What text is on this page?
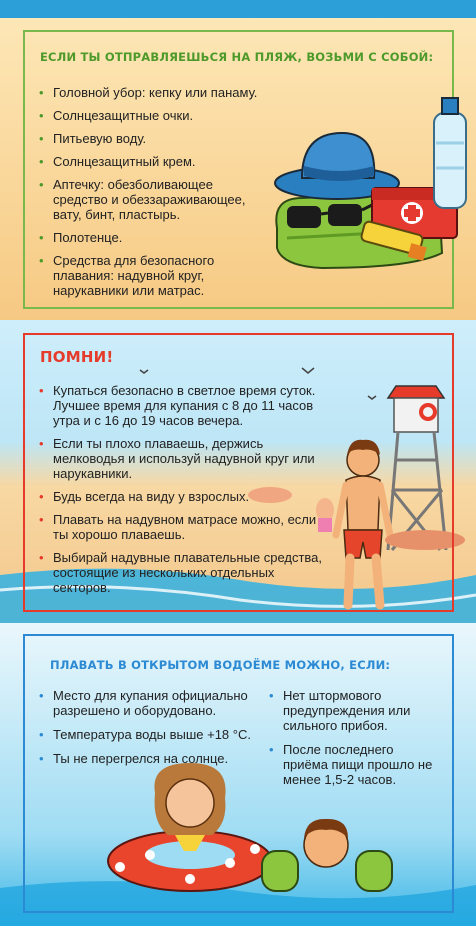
ЕСЛИ ТЫ ОТПРАВЛЯЕШЬСЯ НА ПЛЯЖ, ВОЗЬМИ С СОБОЙ:
• Головной убор: кепку или панаму.
• Солнцезащитные очки.
• Питьевую воду.
• Солнцезащитный крем.
• Аптечку: обезболивающее средство и обеззараживающее, вату, бинт, пластырь.
• Полотенце.
• Средства для безопасного плавания: надувной круг, нарукавники или матрас.
ПОМНИ!
• Купаться безопасно в светлое время суток. Лучшее время для купания с 8 до 11 часов утра и с 16 до 19 часов вечера.
• Если ты плохо плаваешь, держись мелководья и используй надувной круг или нарукавники.
• Будь всегда на виду у взрослых.
• Плавать на надувном матрасе можно, если ты хорошо плаваешь.
• Выбирай надувные плавательные средства, состоящие из нескольких отдельных секторов.
ПЛАВАТЬ В ОТКРЫТОМ ВОДОЁМЕ МОЖНО, ЕСЛИ:
• Место для купания официально разрешено и оборудовано.
• Температура воды выше +18 °C.
• Ты не перегрелся на солнце.
• Нет штормового предупреждения или сильного прибоя.
• После последнего приёма пищи прошло не менее 1,5-2 часов.
